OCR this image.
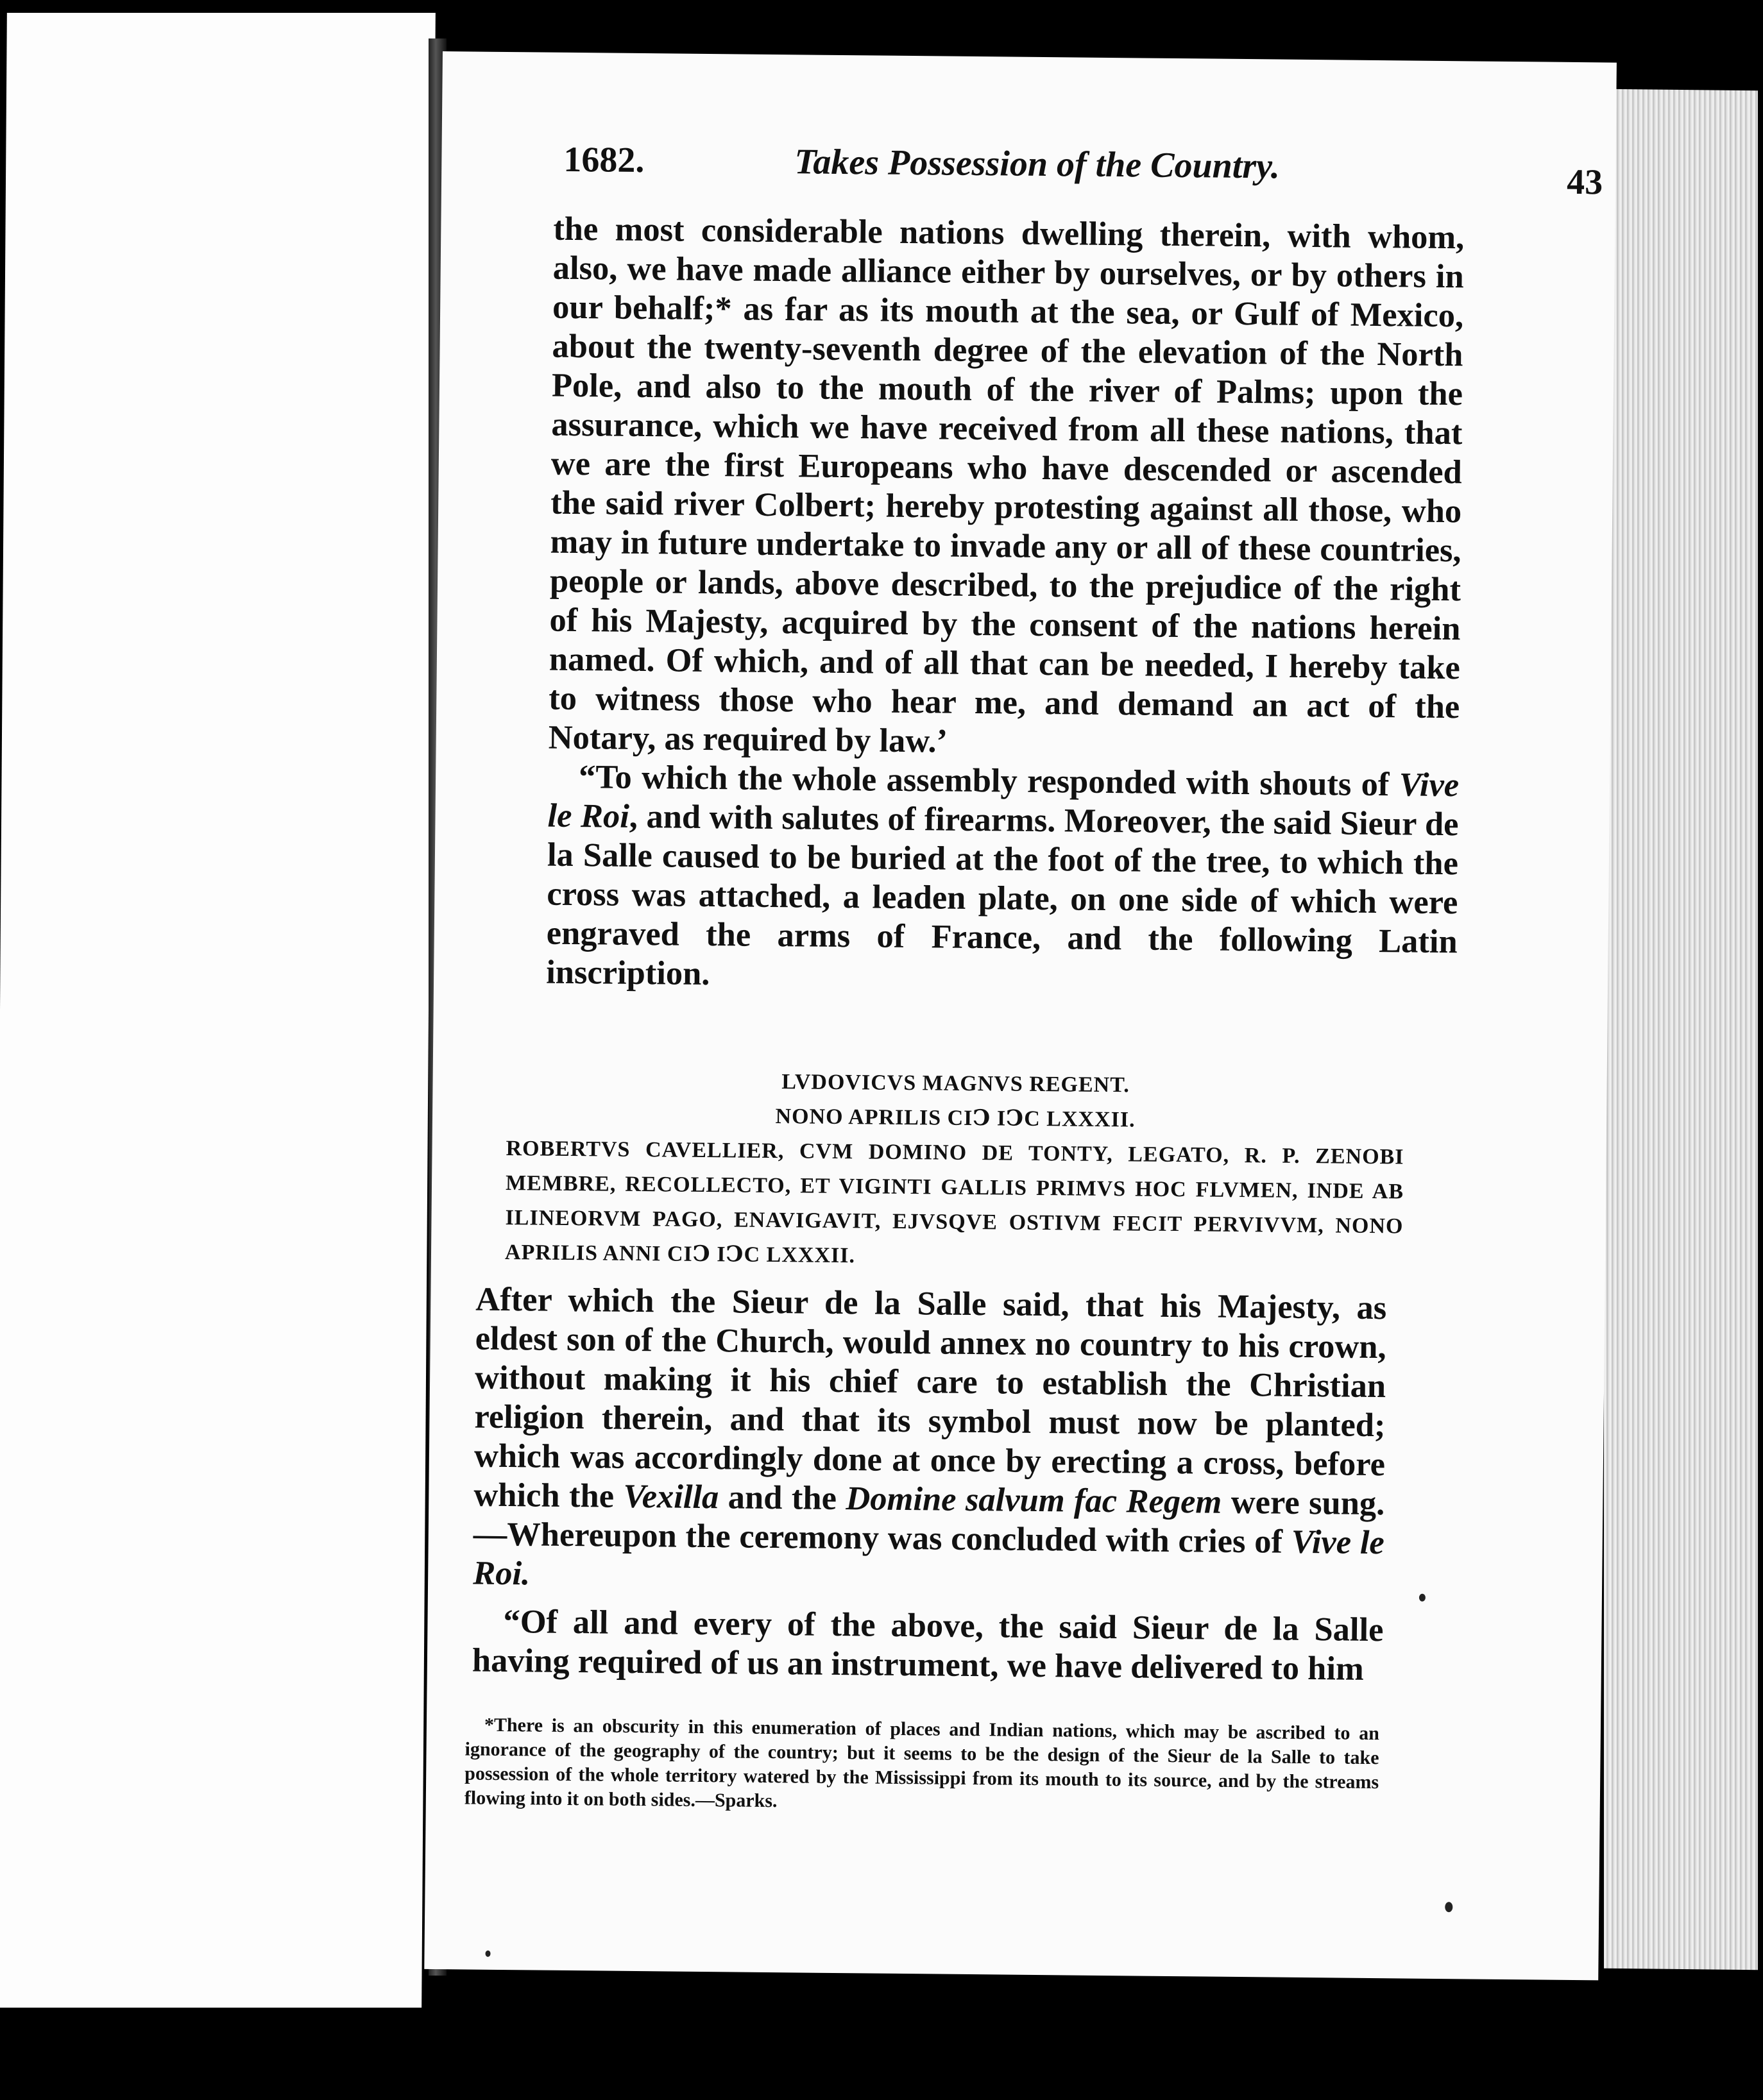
1682.	Takes Possession of the Country.	43

the most considerable nations dwelling therein, with whom, also, we have made alliance either by ourselves, or by others in our behalf;* as far as its mouth at the sea, or Gulf of Mexico, about the twenty-seventh degree of the elevation of the North Pole, and also to the mouth of the river of Palms; upon the assurance, which we have received from all these nations, that we are the first Europeans who have descended or ascended the said river Colbert; hereby protesting against all those, who may in future undertake to invade any or all of these countries, people or lands, above described, to the prejudice of the right of his Majesty, acquired by the consent of the nations herein named. Of which, and of all that can be needed, I hereby take to witness those who hear me, and demand an act of the Notary, as required by law.’

“To which the whole assembly responded with shouts of Vive le Roi, and with salutes of firearms. Moreover, the said Sieur de la Salle caused to be buried at the foot of the tree, to which the cross was attached, a leaden plate, on one side of which were engraved the arms of France, and the following Latin inscription.

LVDOVICVS MAGNVS REGENT.
NONO APRILIS CIↃ IↃC LXXXII.
ROBERTVS CAVELLIER, CVM DOMINO DE TONTY, LEGATO, R. P. ZENOBI MEMBRE, RECOLLECTO, ET VIGINTI GALLIS PRIMVS HOC FLVMEN, INDE AB ILINEORVM PAGO, ENAVIGAVIT, EJVSQVE OSTIVM FECIT PERVIVVM, NONO APRILIS ANNI CIↃ IↃC LXXXII.

After which the Sieur de la Salle said, that his Majesty, as eldest son of the Church, would annex no country to his crown, without making it his chief care to establish the Christian religion therein, and that its symbol must now be planted; which was accordingly done at once by erecting a cross, before which the Vexilla and the Domine salvum fac Regem were sung.—Whereupon the ceremony was concluded with cries of Vive le Roi.

“Of all and every of the above, the said Sieur de la Salle having required of us an instrument, we have delivered to him

*There is an obscurity in this enumeration of places and Indian nations, which may be ascribed to an ignorance of the geography of the country; but it seems to be the design of the Sieur de la Salle to take possession of the whole territory watered by the Mississippi from its mouth to its source, and by the streams flowing into it on both sides.—Sparks.
